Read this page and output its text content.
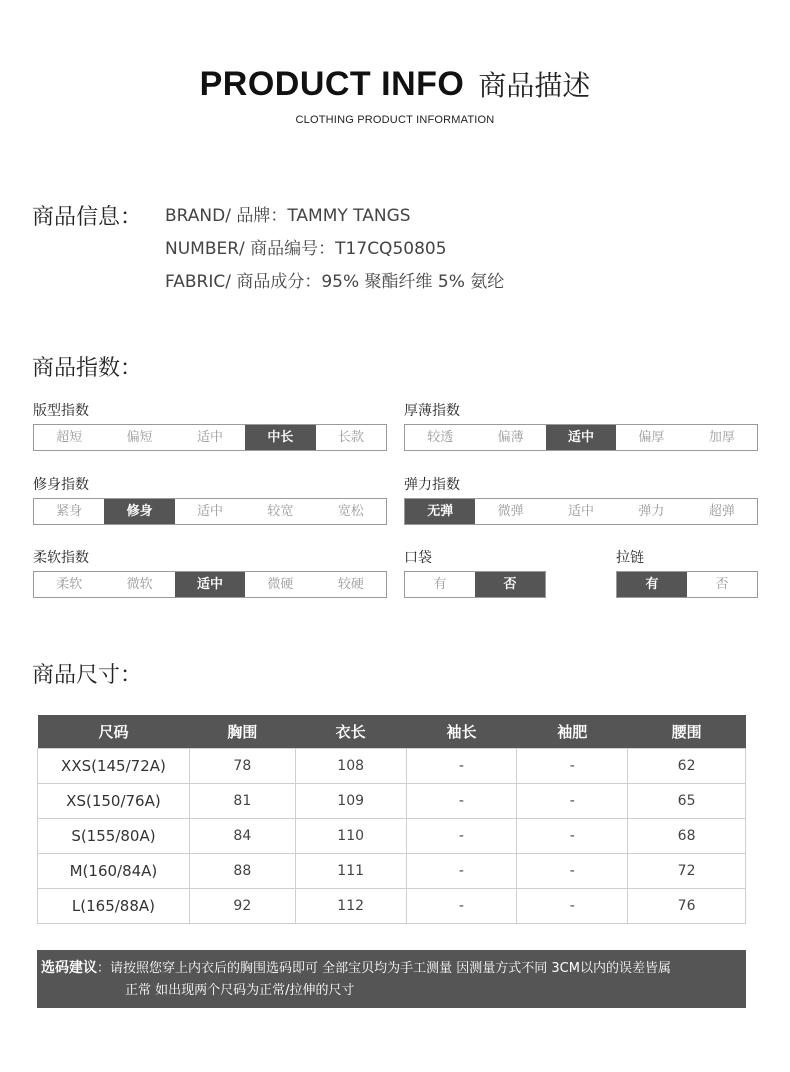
PRODUCT INFO 商品描述
CLOTHING PRODUCT INFORMATION
商品信息： BRAND/ 品牌：TAMMY TANGS
NUMBER/ 商品编号：T17CQ50805
FABRIC/ 商品成分：95% 聚酯纤维 5% 氨纶
商品指数：
版型指数
超短	偏短	适中	中长	长款
厚薄指数
较透	偏薄	适中	偏厚	加厚
修身指数
紧身	修身	适中	较宽	宽松
弹力指数
无弹	微弹	适中	弹力	超弹
柔软指数
柔软	微软	适中	微硬	较硬
口袋
有	否
拉链
有	否
商品尺寸：
尺码	胸围	衣长	袖长	袖肥	腰围
XXS(145/72A)	78	108	-	-	62
XS(150/76A)	81	109	-	-	65
S(155/80A)	84	110	-	-	68
M(160/84A)	88	111	-	-	72
L(165/88A)	92	112	-	-	76
选码建议：请按照您穿上内衣后的胸围选码即可 全部宝贝均为手工测量 因测量方式不同 3CM以内的误差皆属
正常 如出现两个尺码为正常/拉伸的尺寸
